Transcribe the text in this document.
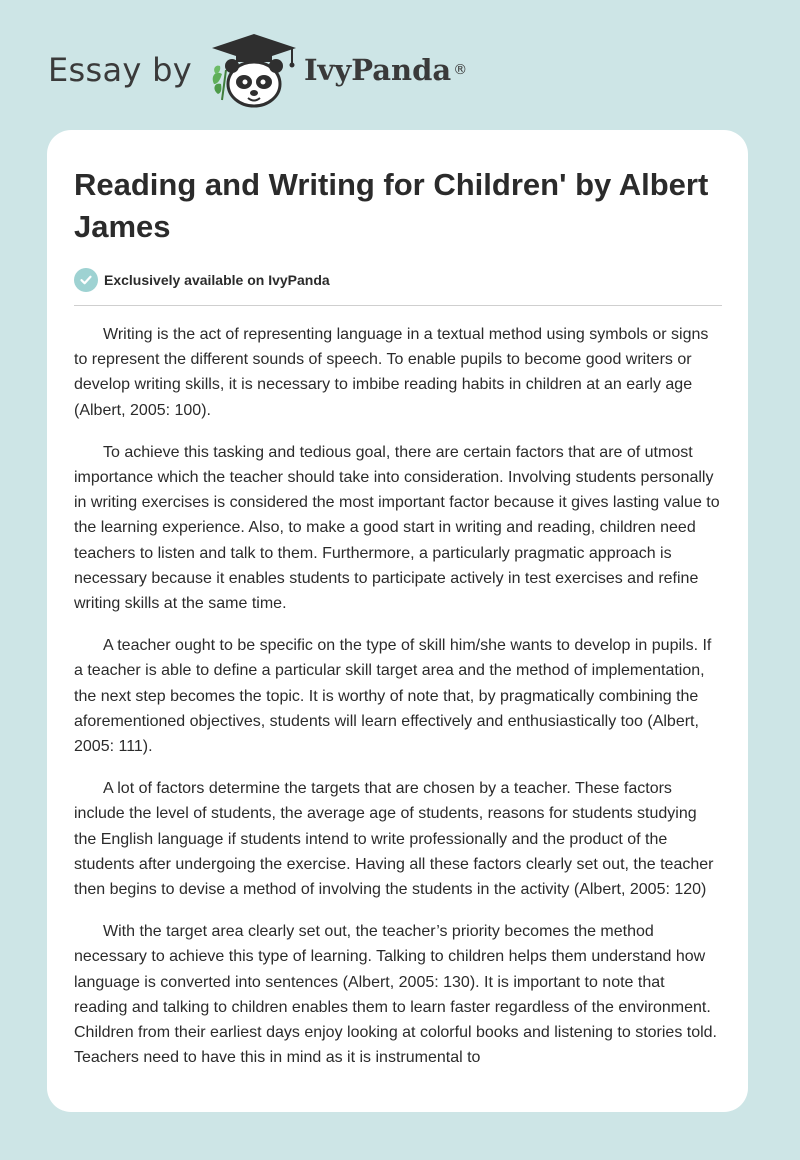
Essay by	IvyPanda ®
Reading and Writing for Children' by Albert James
Exclusively available on IvyPanda

Writing is the act of representing language in a textual method using symbols or signs to represent the different sounds of speech. To enable pupils to become good writers or develop writing skills, it is necessary to imbibe reading habits in children at an early age (Albert, 2005: 100).

To achieve this tasking and tedious goal, there are certain factors that are of utmost importance which the teacher should take into consideration. Involving students personally in writing exercises is considered the most important factor because it gives lasting value to the learning experience. Also, to make a good start in writing and reading, children need teachers to listen and talk to them. Furthermore, a particularly pragmatic approach is necessary because it enables students to participate actively in test exercises and refine writing skills at the same time.

A teacher ought to be specific on the type of skill him/she wants to develop in pupils. If a teacher is able to define a particular skill target area and the method of implementation, the next step becomes the topic. It is worthy of note that, by pragmatically combining the aforementioned objectives, students will learn effectively and enthusiastically too (Albert, 2005: 111).

A lot of factors determine the targets that are chosen by a teacher. These factors include the level of students, the average age of students, reasons for students studying the English language if students intend to write professionally and the product of the students after undergoing the exercise. Having all these factors clearly set out, the teacher then begins to devise a method of involving the students in the activity (Albert, 2005: 120)

With the target area clearly set out, the teacher’s priority becomes the method necessary to achieve this type of learning. Talking to children helps them understand how language is converted into sentences (Albert, 2005: 130). It is important to note that reading and talking to children enables them to learn faster regardless of the environment. Children from their earliest days enjoy looking at colorful books and listening to stories told. Teachers need to have this in mind as it is instrumental to
